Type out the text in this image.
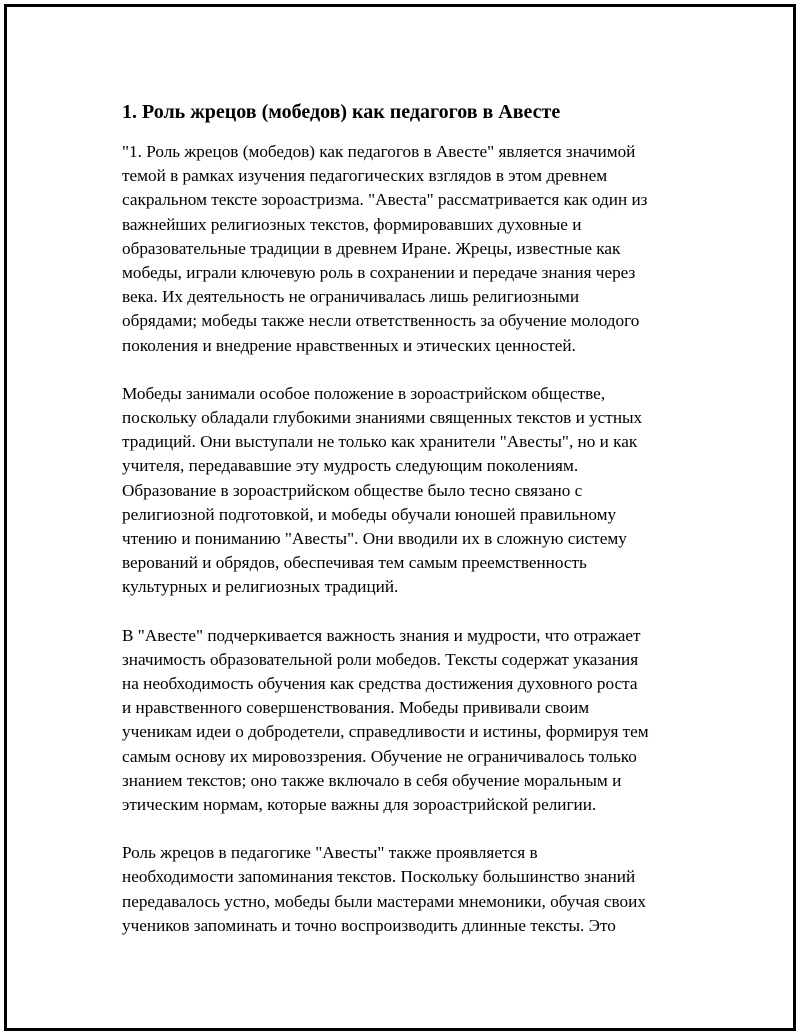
1. Роль жрецов (мобедов) как педагогов в Авесте

"1. Роль жрецов (мобедов) как педагогов в Авесте" является значимой
темой в рамках изучения педагогических взглядов в этом древнем
сакральном тексте зороастризма. "Авеста" рассматривается как один из
важнейших религиозных текстов, формировавших духовные и
образовательные традиции в древнем Иране. Жрецы, известные как
мобеды, играли ключевую роль в сохранении и передаче знания через
века. Их деятельность не ограничивалась лишь религиозными
обрядами; мобеды также несли ответственность за обучение молодого
поколения и внедрение нравственных и этических ценностей.

Мобеды занимали особое положение в зороастрийском обществе,
поскольку обладали глубокими знаниями священных текстов и устных
традиций. Они выступали не только как хранители "Авесты", но и как
учителя, передававшие эту мудрость следующим поколениям.
Образование в зороастрийском обществе было тесно связано с
религиозной подготовкой, и мобеды обучали юношей правильному
чтению и пониманию "Авесты". Они вводили их в сложную систему
верований и обрядов, обеспечивая тем самым преемственность
культурных и религиозных традиций.

В "Авесте" подчеркивается важность знания и мудрости, что отражает
значимость образовательной роли мобедов. Тексты содержат указания
на необходимость обучения как средства достижения духовного роста
и нравственного совершенствования. Мобеды прививали своим
ученикам идеи о добродетели, справедливости и истины, формируя тем
самым основу их мировоззрения. Обучение не ограничивалось только
знанием текстов; оно также включало в себя обучение моральным и
этическим нормам, которые важны для зороастрийской религии.

Роль жрецов в педагогике "Авесты" также проявляется в
необходимости запоминания текстов. Поскольку большинство знаний
передавалось устно, мобеды были мастерами мнемоники, обучая своих
учеников запоминать и точно воспроизводить длинные тексты. Это
